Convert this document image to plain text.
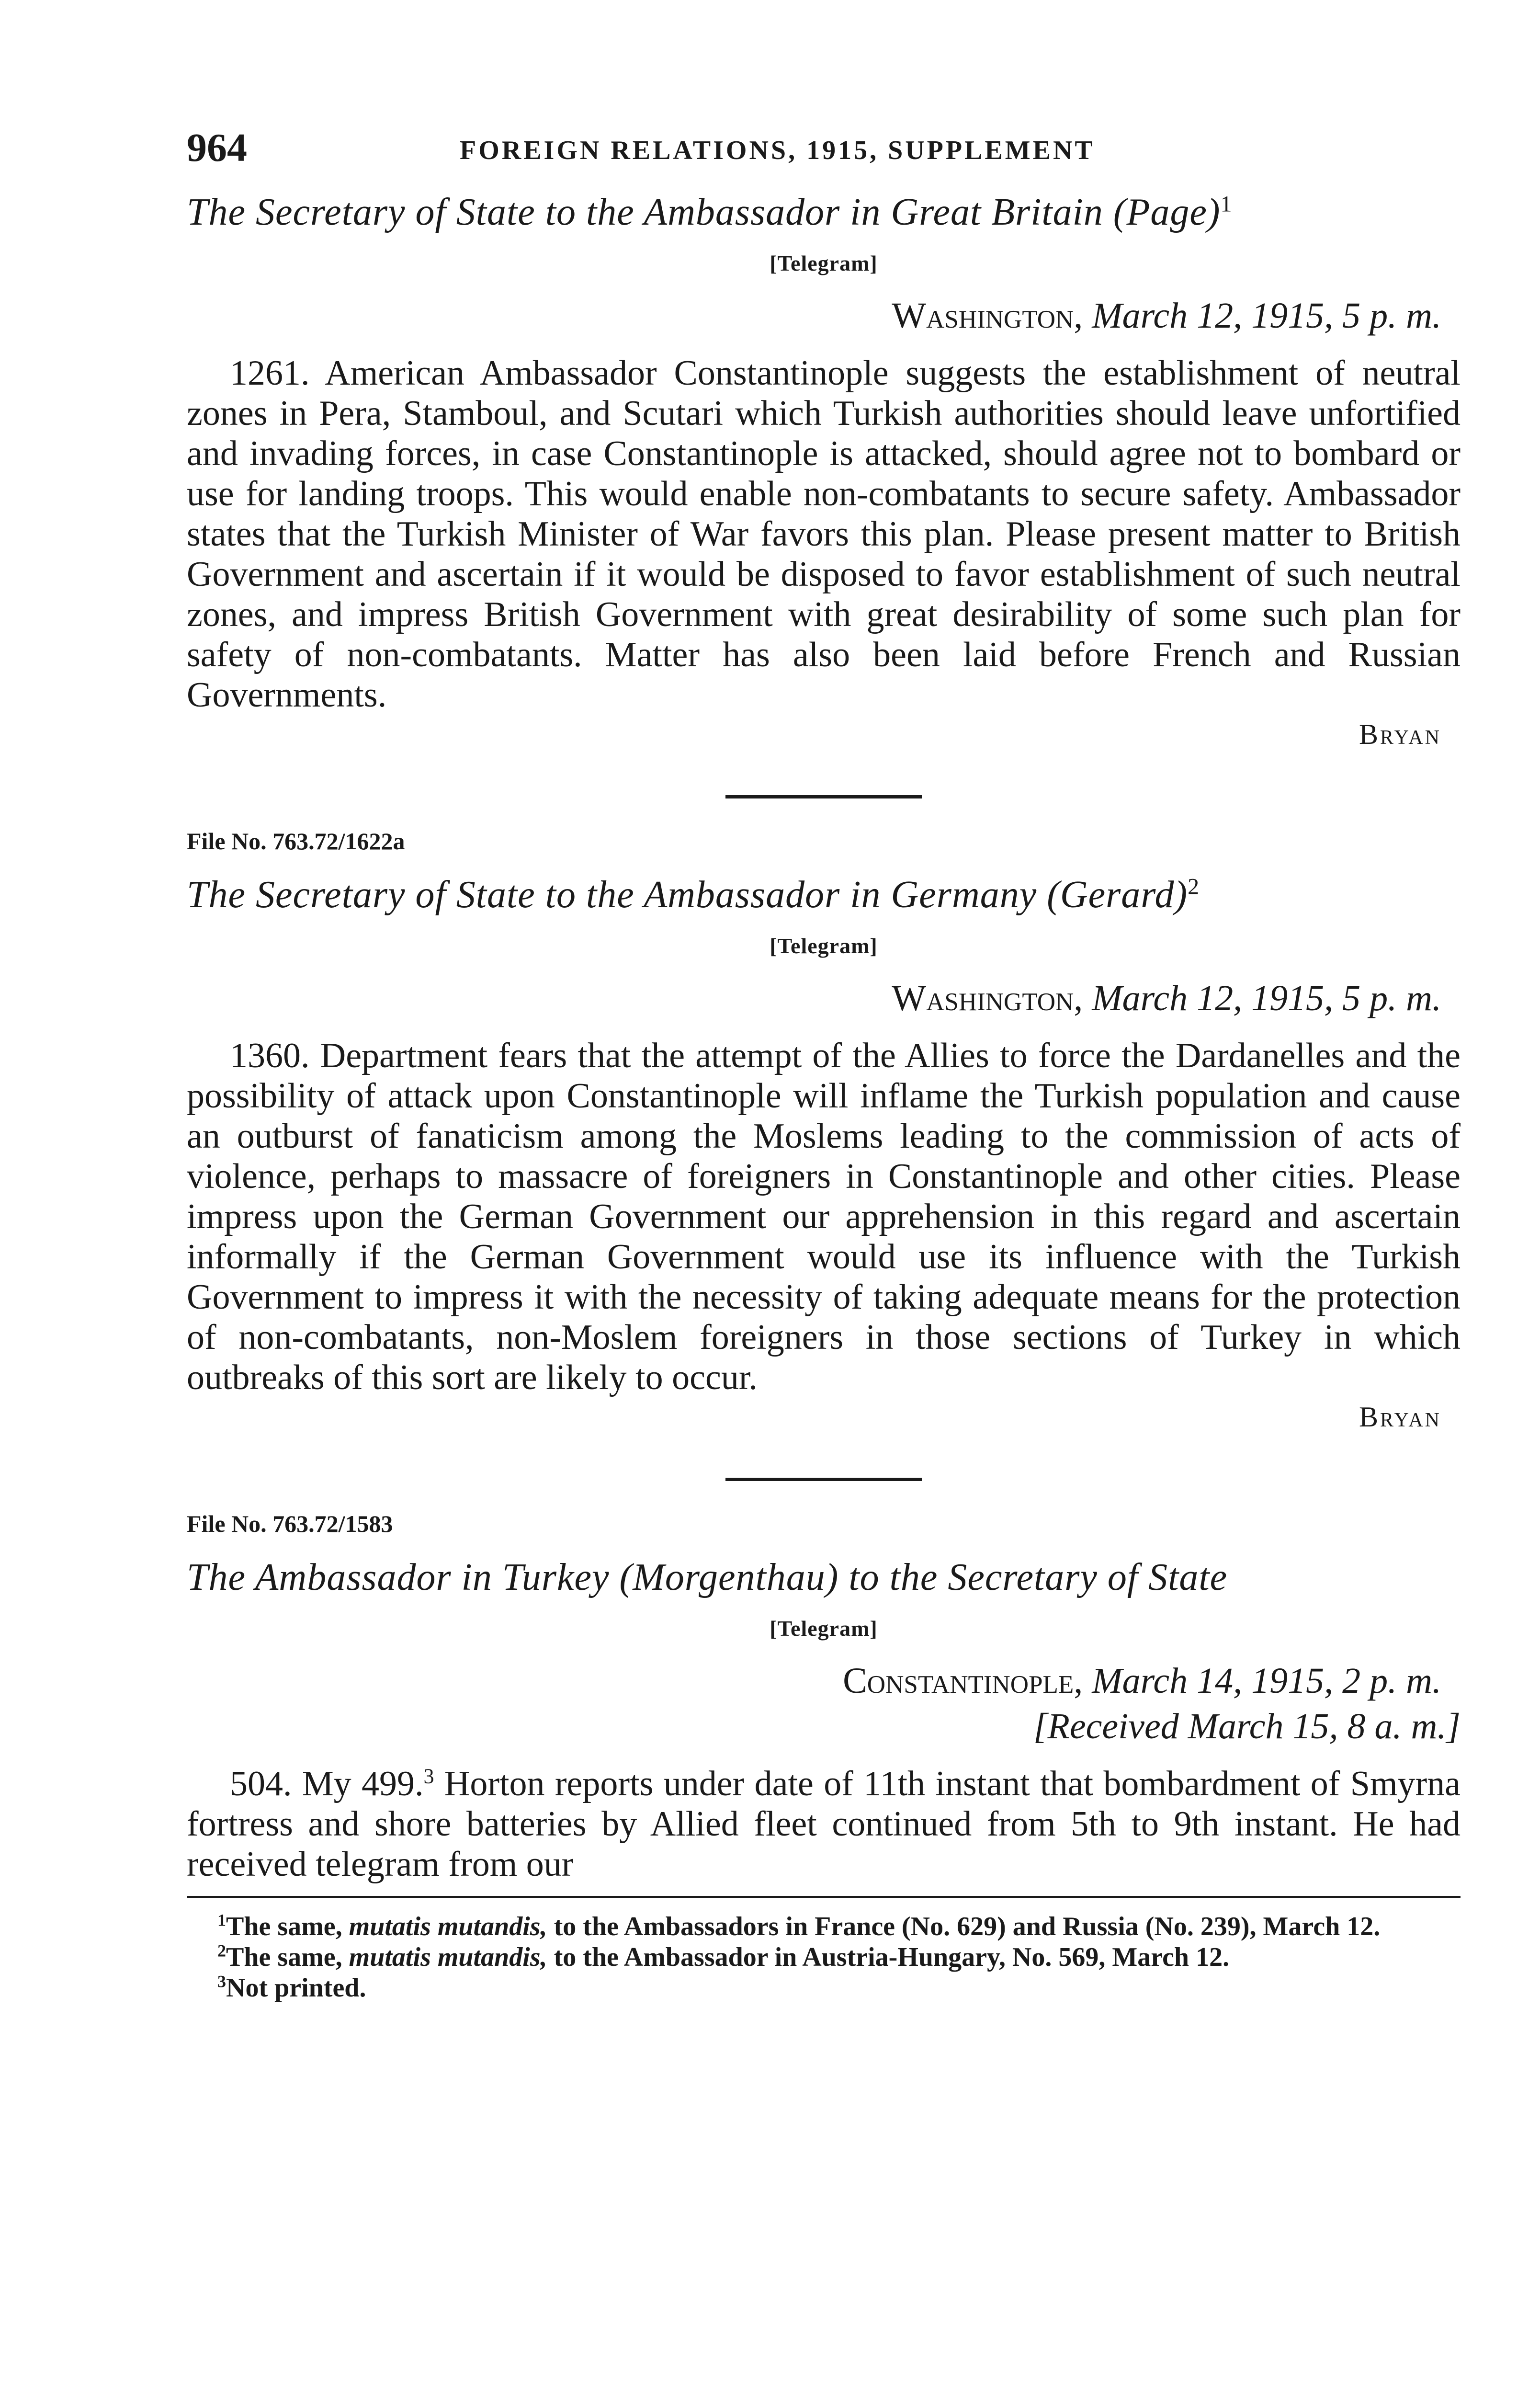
964	FOREIGN RELATIONS, 1915, SUPPLEMENT
The Secretary of State to the Ambassador in Great Britain (Page)$^1$
[Telegram]
Washington, March 12, 1915, 5 p. m.

1261. American Ambassador Constantinople suggests the establishment of neutral zones in Pera, Stamboul, and Scutari which Turkish authorities should leave unfortified and invading forces, in case Constantinople is attacked, should agree not to bombard or use for landing troops. This would enable non-combatants to secure safety. Ambassador states that the Turkish Minister of War favors this plan. Please present matter to British Government and ascertain if it would be disposed to favor establishment of such neutral zones, and impress British Government with great desirability of some such plan for safety of non-combatants. Matter has also been laid before French and Russian Governments.

Bryan
File No. 763.72/1622a
The Secretary of State to the Ambassador in Germany (Gerard)$^2$
[Telegram]
Washington, March 12, 1915, 5 p. m.

1360. Department fears that the attempt of the Allies to force the Dardanelles and the possibility of attack upon Constantinople will inflame the Turkish population and cause an outburst of fanaticism among the Moslems leading to the commission of acts of violence, perhaps to massacre of foreigners in Constantinople and other cities. Please impress upon the German Government our apprehension in this regard and ascertain informally if the German Government would use its influence with the Turkish Government to impress it with the necessity of taking adequate means for the protection of non-combatants, non-Moslem foreigners in those sections of Turkey in which outbreaks of this sort are likely to occur.

Bryan
File No. 763.72/1583
The Ambassador in Turkey (Morgenthau) to the Secretary of State
[Telegram]
Constantinople, March 14, 1915, 2 p. m.
[Received March 15, 8 a. m.]

504. My 499.$^3$ Horton reports under date of 11th instant that bombardment of Smyrna fortress and shore batteries by Allied fleet continued from 5th to 9th instant. He had received telegram from our

$^1$The same, mutatis mutandis, to the Ambassadors in France (No. 629) and Russia (No. 239), March 12.

$^2$The same, mutatis mutandis, to the Ambassador in Austria-Hungary, No. 569, March 12.

$^3$Not printed.
